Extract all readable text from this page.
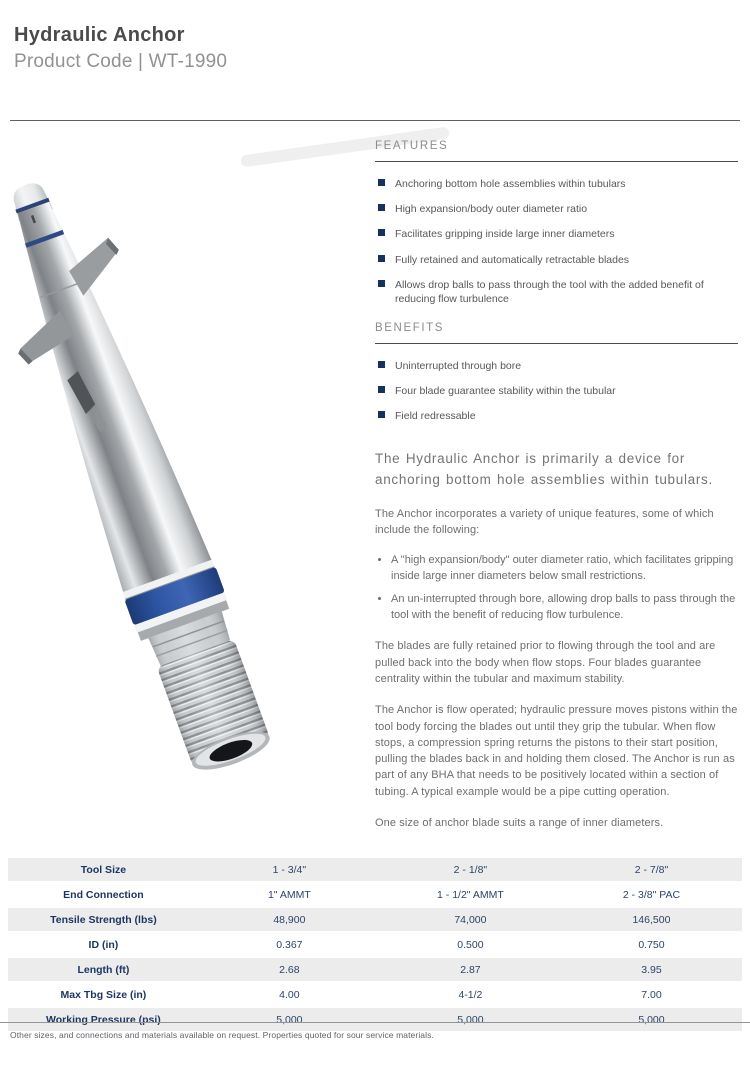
Hydraulic Anchor
Product Code | WT-1990
FEATURES
Anchoring bottom hole assemblies within tubulars
High expansion/body outer diameter ratio
Facilitates gripping inside large inner diameters
Fully retained and automatically retractable blades
Allows drop balls to pass through the tool with the added benefit of reducing flow turbulence
BENEFITS
Uninterrupted through bore
Four blade guarantee stability within the tubular
Field redressable

The Hydraulic Anchor is primarily a device for anchoring bottom hole assemblies within tubulars.

The Anchor incorporates a variety of unique features, some of which include the following:

• A "high expansion/body" outer diameter ratio, which facilitates gripping inside large inner diameters below small restrictions.
• An un-interrupted through bore, allowing drop balls to pass through the tool with the benefit of reducing flow turbulence.

The blades are fully retained prior to flowing through the tool and are pulled back into the body when flow stops. Four blades guarantee centrality within the tubular and maximum stability.

The Anchor is flow operated; hydraulic pressure moves pistons within the tool body forcing the blades out until they grip the tubular. When flow stops, a compression spring returns the pistons to their start position, pulling the blades back in and holding them closed. The Anchor is run as part of any BHA that needs to be positively located within a section of tubing. A typical example would be a pipe cutting operation.

One size of anchor blade suits a range of inner diameters.

Tool Size	1 - 3/4"	2 - 1/8"	2 - 7/8"
End Connection	1" AMMT	1 - 1/2" AMMT	2 - 3/8" PAC
Tensile Strength (lbs)	48,900	74,000	146,500
ID (in)	0.367	0.500	0.750
Length (ft)	2.68	2.87	3.95
Max Tbg Size (in)	4.00	4-1/2	7.00
Working Pressure (psi)	5,000	5,000	5,000

Other sizes, and connections and materials available on request. Properties quoted for sour service materials.
